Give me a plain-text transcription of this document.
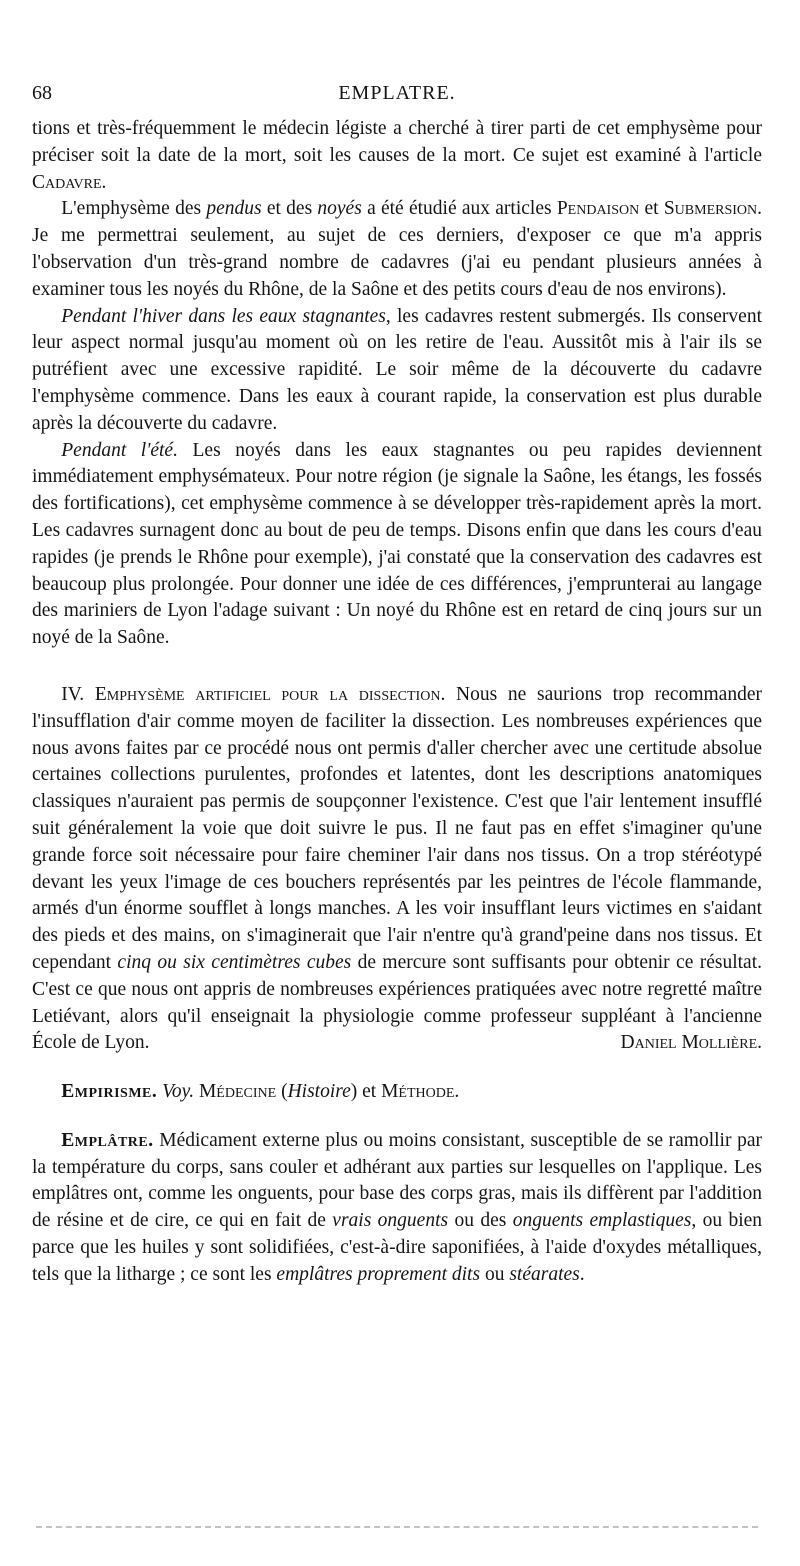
68	EMPLATRE.

tions et très-fréquemment le médecin légiste a cherché à tirer parti de cet emphysème pour préciser soit la date de la mort, soit les causes de la mort. Ce sujet est examiné à l'article Cadavre.

L'emphysème des pendus et des noyés a été étudié aux articles Pendaison et Submersion. Je me permettrai seulement, au sujet de ces derniers, d'exposer ce que m'a appris l'observation d'un très-grand nombre de cadavres (j'ai eu pendant plusieurs années à examiner tous les noyés du Rhône, de la Saône et des petits cours d'eau de nos environs).

Pendant l'hiver dans les eaux stagnantes, les cadavres restent submergés. Ils conservent leur aspect normal jusqu'au moment où on les retire de l'eau. Aussitôt mis à l'air ils se putréfient avec une excessive rapidité. Le soir même de la découverte du cadavre l'emphysème commence. Dans les eaux à courant rapide, la conservation est plus durable après la découverte du cadavre.

Pendant l'été. Les noyés dans les eaux stagnantes ou peu rapides deviennent immédiatement emphysémateux. Pour notre région (je signale la Saône, les étangs, les fossés des fortifications), cet emphysème commence à se développer très-rapidement après la mort. Les cadavres surnagent donc au bout de peu de temps. Disons enfin que dans les cours d'eau rapides (je prends le Rhône pour exemple), j'ai constaté que la conservation des cadavres est beaucoup plus prolongée. Pour donner une idée de ces différences, j'emprunterai au langage des mariniers de Lyon l'adage suivant : Un noyé du Rhône est en retard de cinq jours sur un noyé de la Saône.

IV. Emphysème artificiel pour la dissection. Nous ne saurions trop recommander l'insufflation d'air comme moyen de faciliter la dissection. Les nombreuses expériences que nous avons faites par ce procédé nous ont permis d'aller chercher avec une certitude absolue certaines collections purulentes, profondes et latentes, dont les descriptions anatomiques classiques n'auraient pas permis de soupçonner l'existence. C'est que l'air lentement insufflé suit généralement la voie que doit suivre le pus. Il ne faut pas en effet s'imaginer qu'une grande force soit nécessaire pour faire cheminer l'air dans nos tissus. On a trop stéréotypé devant les yeux l'image de ces bouchers représentés par les peintres de l'école flammande, armés d'un énorme soufflet à longs manches. A les voir insufflant leurs victimes en s'aidant des pieds et des mains, on s'imaginerait que l'air n'entre qu'à grand'peine dans nos tissus. Et cependant cinq ou six centimètres cubes de mercure sont suffisants pour obtenir ce résultat. C'est ce que nous ont appris de nombreuses expériences pratiquées avec notre regretté maître Letiévant, alors qu'il enseignait la physiologie comme professeur suppléant à l'ancienne École de Lyon.	Daniel Mollière.

Empirisme. Voy. Médecine (Histoire) et Méthode.

Emplâtre. Médicament externe plus ou moins consistant, susceptible de se ramollir par la température du corps, sans couler et adhérant aux parties sur lesquelles on l'applique. Les emplâtres ont, comme les onguents, pour base des corps gras, mais ils diffèrent par l'addition de résine et de cire, ce qui en fait de vrais onguents ou des onguents emplastiques, ou bien parce que les huiles y sont solidifiées, c'est-à-dire saponifiées, à l'aide d'oxydes métalliques, tels que la litharge ; ce sont les emplâtres proprement dits ou stéarates.
